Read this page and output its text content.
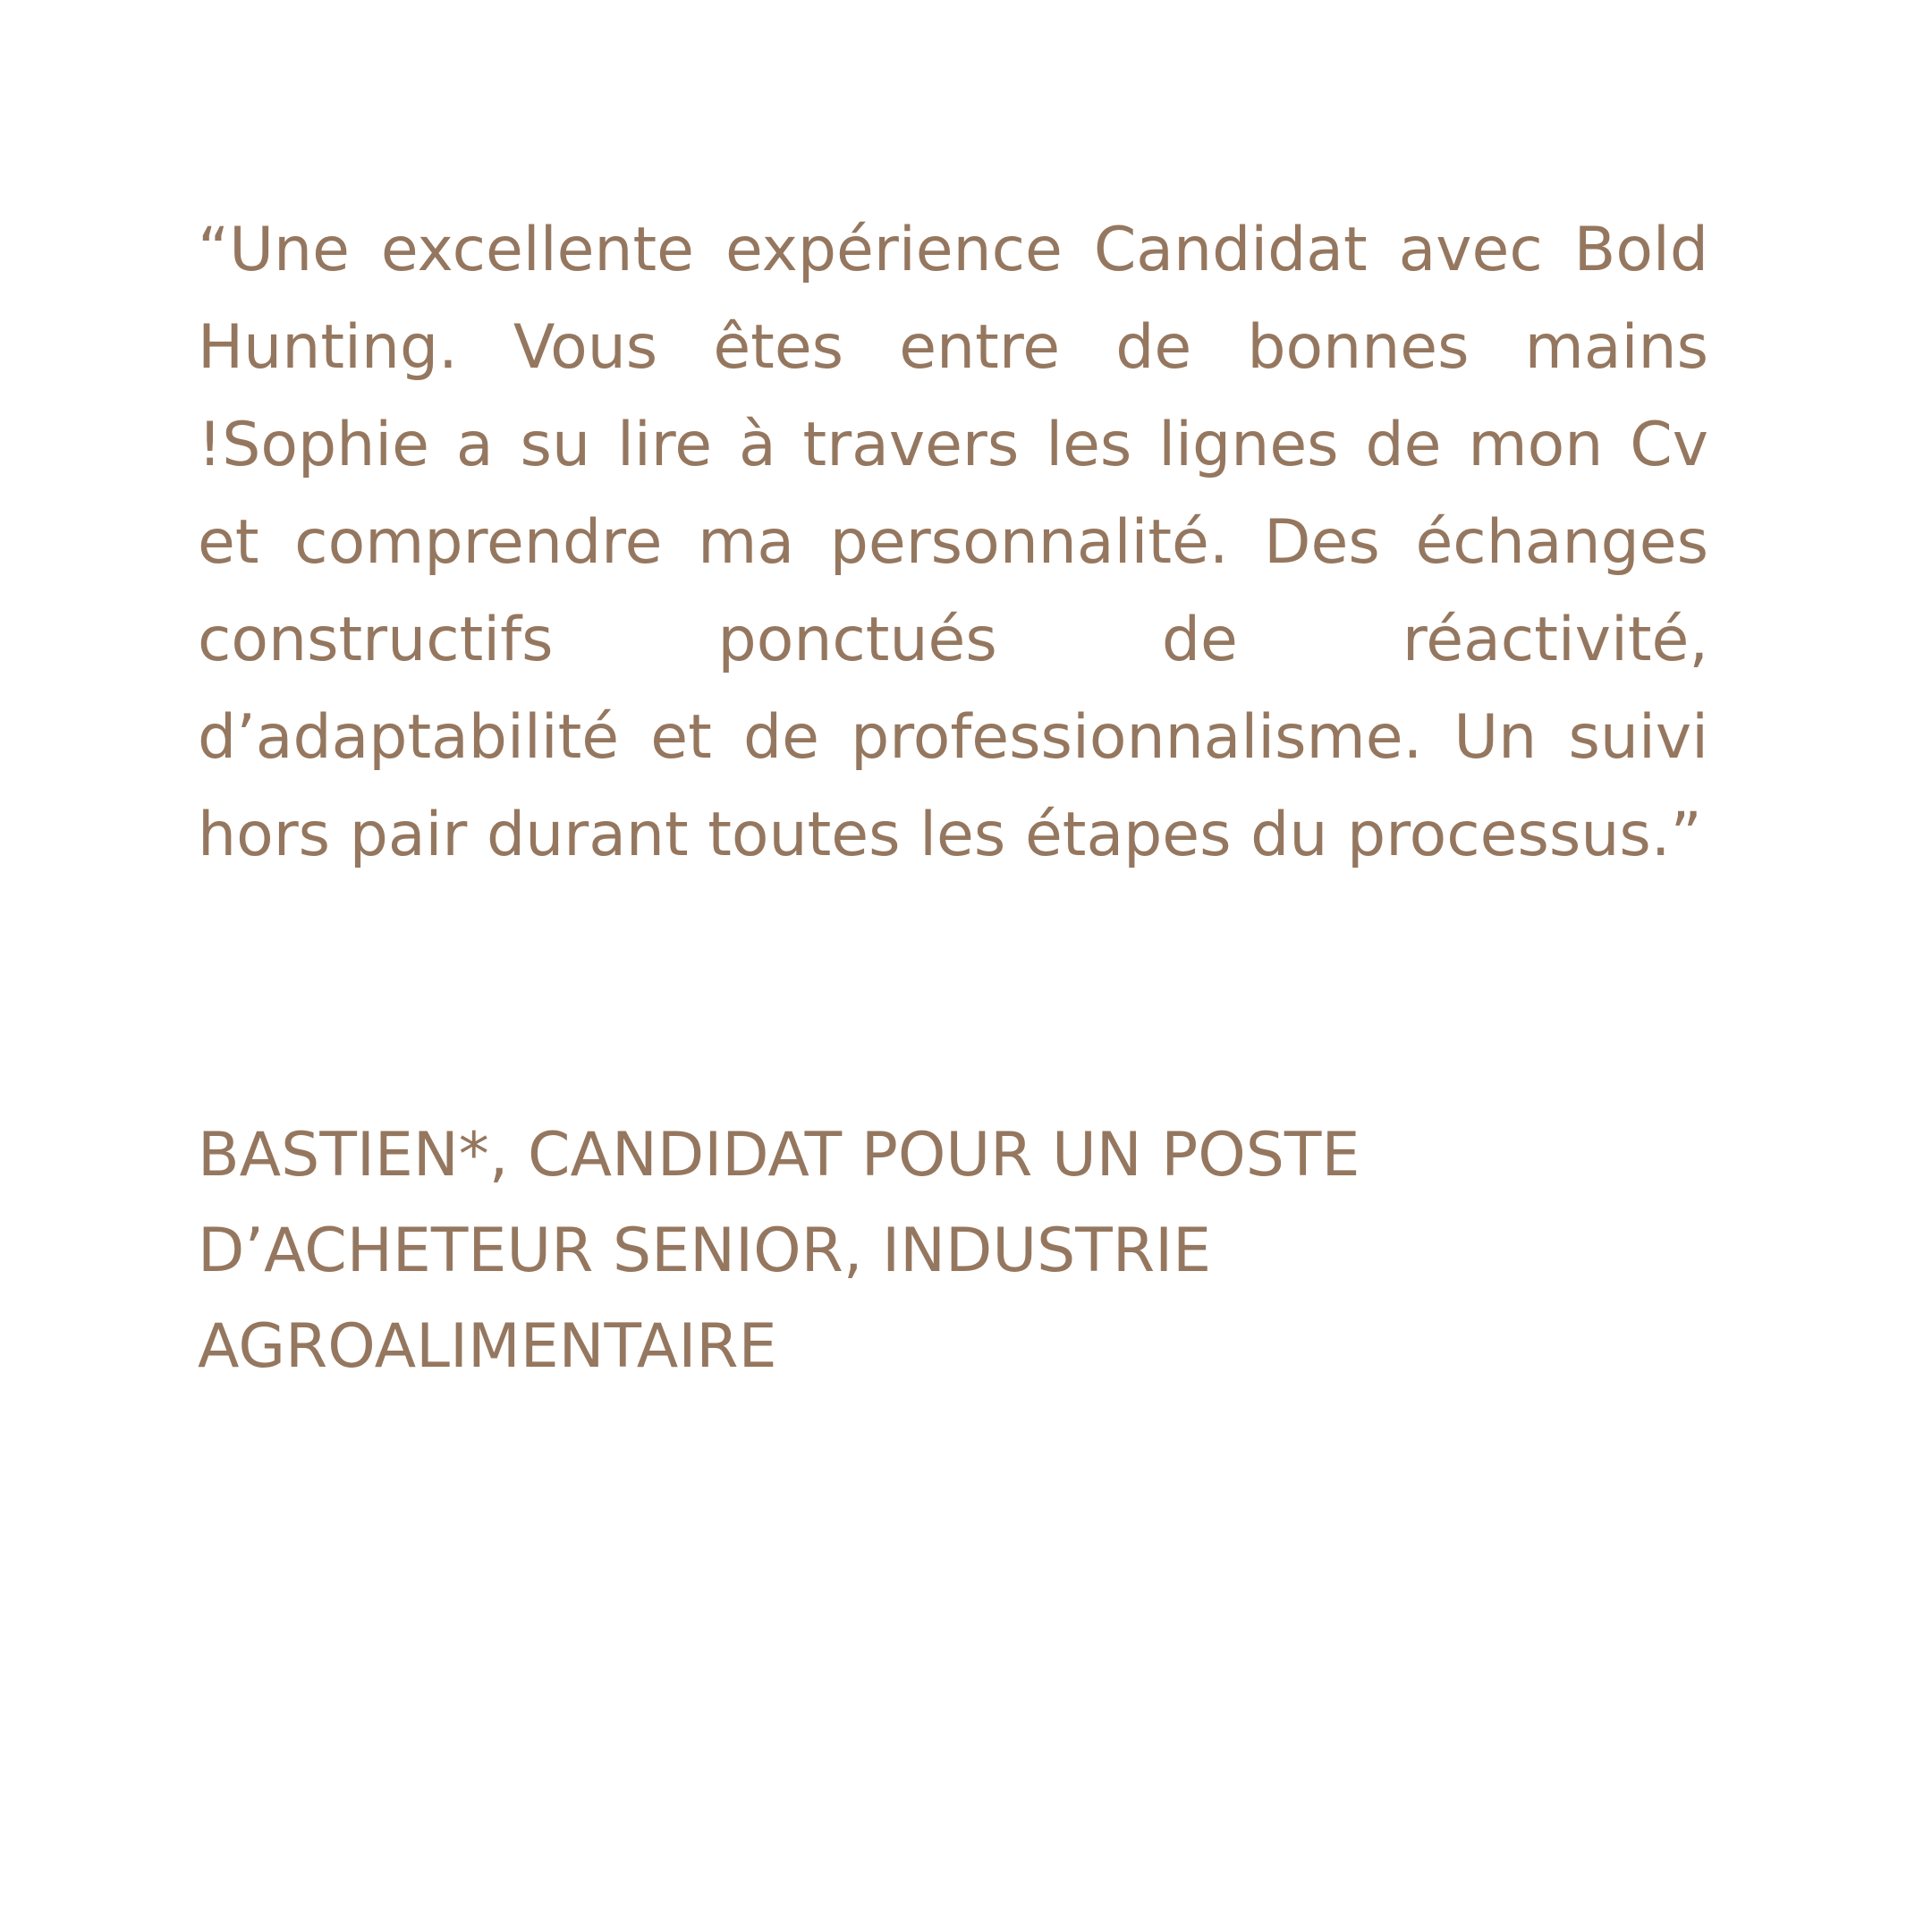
“Une excellente expérience Candidat avec Bold Hunting. Vous êtes entre de bonnes mains !Sophie a su lire à travers les lignes de mon Cv et comprendre ma personnalité. Des échanges constructifs ponctués de réactivité, d’adaptabilité et de professionnalisme. Un suivi hors pair durant toutes les étapes du processus.”

BASTIEN*, CANDIDAT POUR UN POSTE
D’ACHETEUR SENIOR, INDUSTRIE
AGROALIMENTAIRE
